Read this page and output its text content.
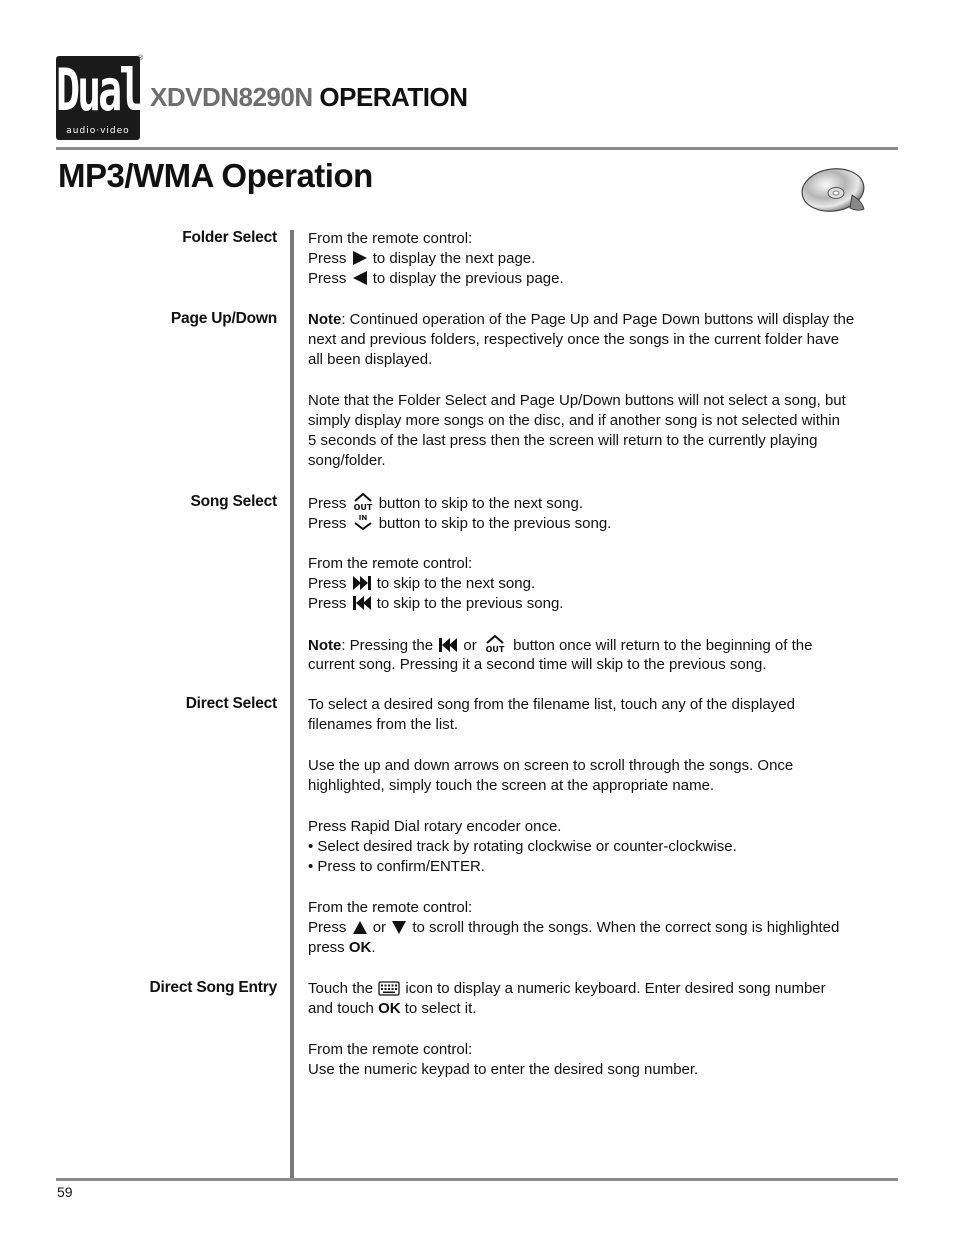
Dual
audio·video
®
XDVDN8290N OPERATION
MP3/WMA Operation
Folder Select From the remote control:
Press to display the next page.
Press to display the previous page.
Page Up/Down Note: Continued operation of the Page Up and Page Down buttons will display the
next and previous folders, respectively once the songs in the current folder have
all been displayed.
Note that the Folder Select and Page Up/Down buttons will not select a song, but
simply display more songs on the disc, and if another song is not selected within
5 seconds of the last press then the screen will return to the currently playing
song/folder.
Song Select Press OUT button to skip to the next song.
Press IN button to skip to the previous song.
From the remote control:
Press to skip to the next song.
Press to skip to the previous song.
Note: Pressing the or OUT button once will return to the beginning of the
current song. Pressing it a second time will skip to the previous song.
Direct Select To select a desired song from the filename list, touch any of the displayed
filenames from the list.
Use the up and down arrows on screen to scroll through the songs. Once
highlighted, simply touch the screen at the appropriate name.
Press Rapid Dial rotary encoder once.
• Select desired track by rotating clockwise or counter-clockwise.
• Press to confirm/ENTER.
From the remote control:
Press or to scroll through the songs. When the correct song is highlighted
press OK.
Direct Song Entry Touch the icon to display a numeric keyboard. Enter desired song number
and touch OK to select it.
From the remote control:
Use the numeric keypad to enter the desired song number.
59
